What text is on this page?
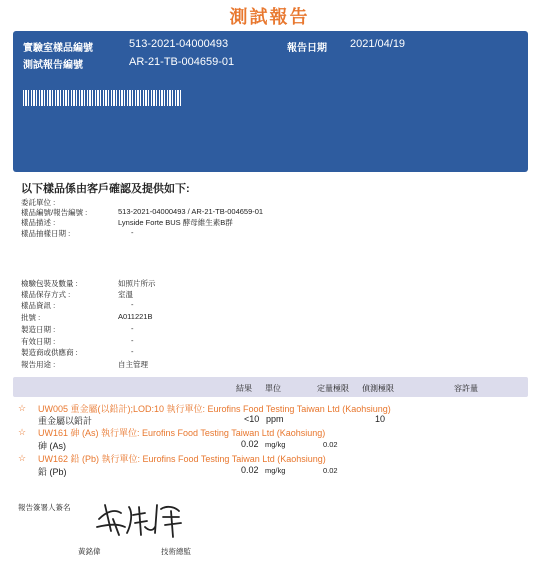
測試報告
實驗室樣品編號	513-2021-04000493	報告日期 2021/04/19
測試報告編號	AR-21-TB-004659-01
以下樣品係由客戶確認及提供如下:
委託單位 :
樣品編號/報告編號 :	513-2021-04000493 / AR-21-TB-004659-01
樣品描述 :	Lynside Forte BUS 酵母維生素B群
樣品抽樣日期 :	-
檢驗包裝及數量 :	如照片所示
樣品保存方式 :	室溫
樣品資訊 :	-
批號 :	A011221B
製造日期 :	-
有效日期 :	-
製造商或供應商 :	-
報告用途 :	自主管理
結果 單位	定量極限 偵測極限	容許量
☆ UW005 重金屬(以鉛計);LOD:10 執行單位: Eurofins Food Testing Taiwan Ltd (Kaohsiung)
重金屬以鉛計	<10 ppm	10
☆ UW161 砷 (As) 執行單位: Eurofins Food Testing Taiwan Ltd (Kaohsiung)
砷 (As)	0.02 mg/kg	0.02
☆ UW162 鉛 (Pb) 執行單位: Eurofins Food Testing Taiwan Ltd (Kaohsiung)
鉛 (Pb)	0.02 mg/kg	0.02
報告簽署人簽名
黃銘偉	技術總監
